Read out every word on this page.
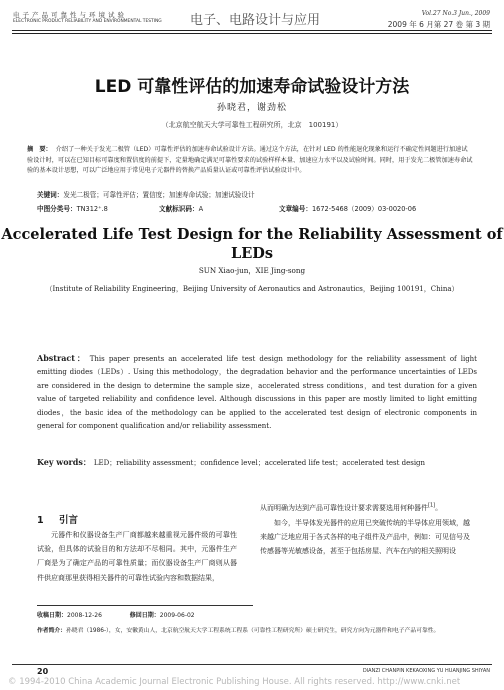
电子产品可靠性与环境试验
ELECTRONIC PRODUCT RELIABILITY AND ENVIRONMENTAL TESTING 电子、电路设计与应用	Vol.27 No.3 Jun., 2009
2009 年 6 月第 27 卷 第 3 期
LED 可靠性评估的加速寿命试验设计方法
孙晓君，谢劲松
（北京航空航天大学可靠性工程研究所，北京　100191）
摘　要： 介绍了一种关于发光二极管（LED）可靠性评估的加速寿命试验设计方法。通过这个方法，在针对 LED 的性能退化现象和运行不确定性问题进行加速试验设计时，可以在已知目标可靠度和置信度的前提下，定量地确定满足可靠性要求的试验样样本量、加速应力水平以及试验时间。同时，用于发光二极管加速寿命试验的基本设计思想，可以广泛地应用于常见电子元器件的替换产品质量认证或可靠性评估试验设计中。
关键词：发光二极管；可靠性评估；置信度；加速寿命试验；加速试验设计
中图分类号：TN312⁺.8	文献标识码：A	文章编号：1672-5468（2009）03-0020-06
Accelerated Life Test Design for the Reliability Assessment of LEDs
SUN Xiao-jun，XIE Jing-song
（Institute of Reliability Engineering，Beijing University of Aeronautics and Astronautics，Beijing 100191，China）
Abstract： This paper presents an accelerated life test design methodology for the reliability assessment of light emitting diodes（LEDs）. Using this methodology，the degradation behavior and the performance uncertainties of LEDs are considered in the design to determine the sample size，accelerated stress conditions，and test duration for a given value of targeted reliability and confidence level. Although discussions in this paper are mostly limited to light emitting diodes，the basic idea of the methodology can be applied to the accelerated test design of electronic components in general for component qualification and/or reliability assessment.
Key words： LED；reliability assessment；confidence level；accelerated life test；accelerated test design
1 引言
元器件和仪器设备生产厂商都越来越重视元器件级的可靠性试验，但具体的试验目的和方法却不尽相同。其中，元器件生产厂商是为了确定产品的可靠性质量；而仪器设备生产厂商则从器件供应商那里获得相关器件的可靠性试验内容和数据结果，
从而明确为达到产品可靠性设计要求需要选用何种器件[1]。
如今，半导体发光器件的应用已突破传统的半导体应用领域，越来越广泛地应用于各式各样的电子组件及产品中，例如：可见信号及传感器等光敏感设备，甚至于包括房屋、汽车在内的相关照明设
收稿日期：2008-12-26	修回日期：2009-06-02
作者简介：孙晓君（1986-），女，安徽黄山人，北京航空航天大学工程系统工程系（可靠性工程研究所）硕士研究生，研究方向为元器件和电子产品可靠性。
20	DIANZI CHANPIN KEKAOXING YU HUANJING SHIYAN
© 1994-2010 China Academic Journal Electronic Publishing House. All rights reserved. http://www.cnki.net
